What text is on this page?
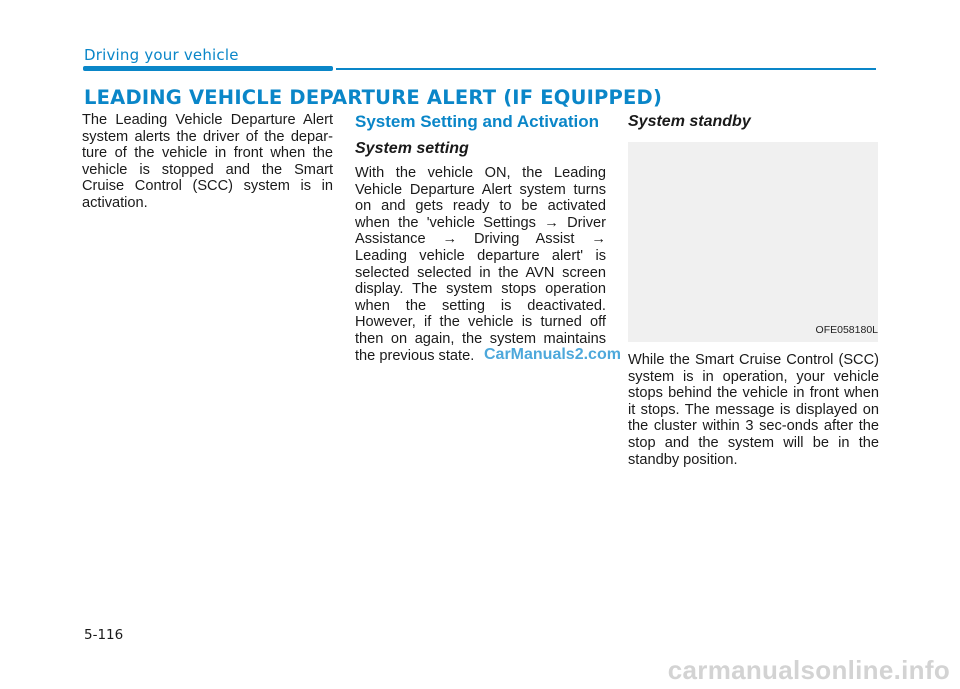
Driving your vehicle
LEADING VEHICLE DEPARTURE ALERT (IF EQUIPPED)

The Leading Vehicle Departure Alert system alerts the driver of the depar-ture of the vehicle in front when the vehicle is stopped and the Smart Cruise Control (SCC) system is in activation.

System Setting and Activation
System setting

With the vehicle ON, the Leading Vehicle Departure Alert system turns on and gets ready to be activated when the 'vehicle Settings → Driver Assistance → Driving Assist → Leading vehicle departure alert' is selected selected in the AVN screen display. The system stops operation when the setting is deactivated. However, if the vehicle is turned off then on again, the system maintains the previous state.

System standby
OFE058180L

While the Smart Cruise Control (SCC) system is in operation, your vehicle stops behind the vehicle in front when it stops. The message is displayed on the cluster within 3 sec-onds after the stop and the system will be in the standby position.

CarManuals2.com
5-116
carmanualsonline.info
